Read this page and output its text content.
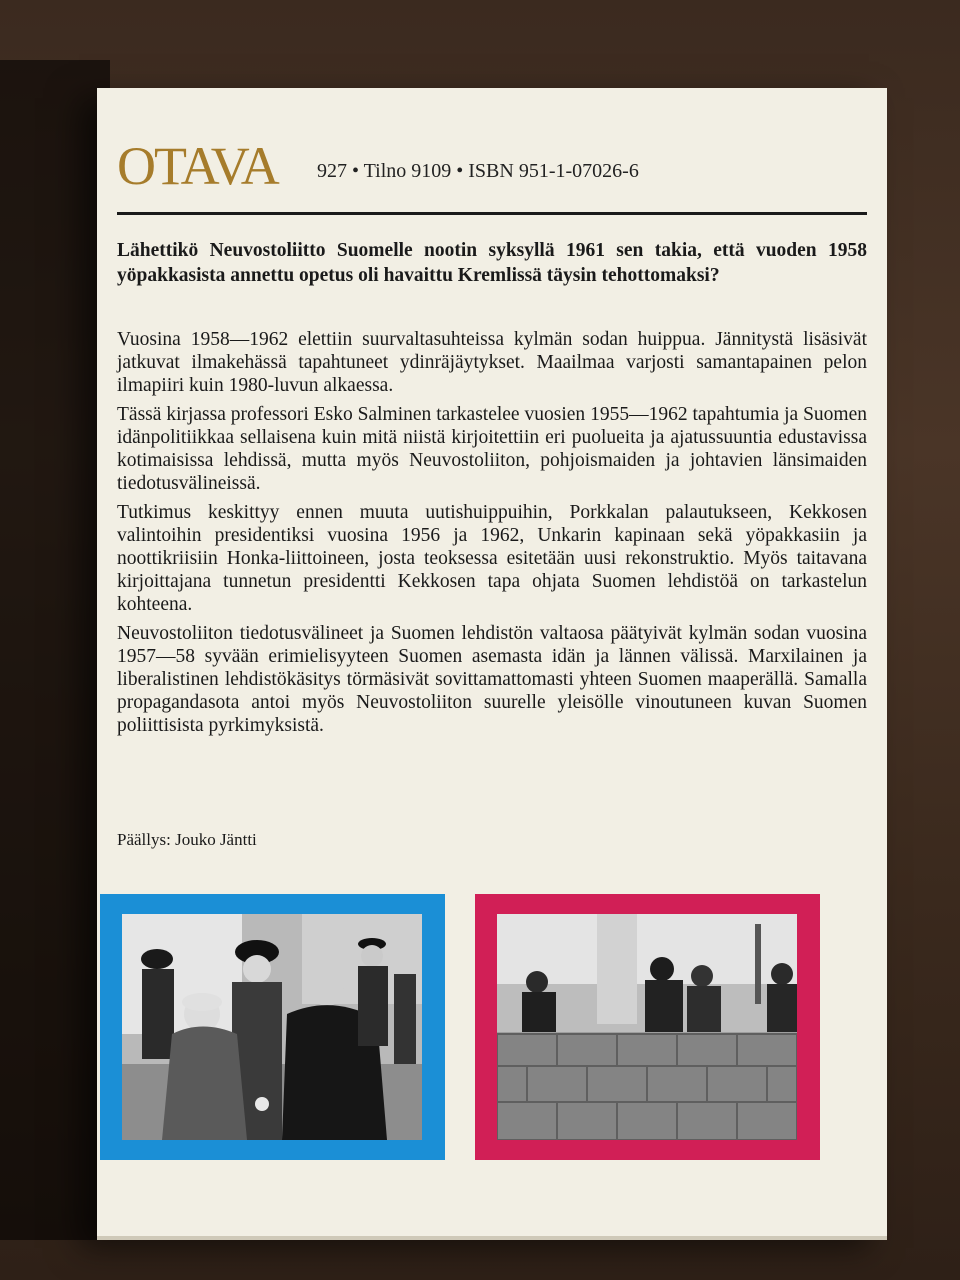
OTAVA 927 • Tilno 9109 • ISBN 951-1-07026-6

Lähettikö Neuvostoliitto Suomelle nootin syksyllä 1961 sen takia, että vuoden 1958 yöpakkasista annettu opetus oli havaittu Kremlissä täysin tehottomaksi?

Vuosina 1958—1962 elettiin suurvaltasuhteissa kylmän sodan huippua. Jännitystä lisäsivät jatkuvat ilmakehässä tapahtuneet ydinräjäytykset. Maailmaa varjosti samantapainen pelon ilmapiiri kuin 1980-luvun alkaessa.

Tässä kirjassa professori Esko Salminen tarkastelee vuosien 1955—1962 tapahtumia ja Suomen idänpolitiikkaa sellaisena kuin mitä niistä kirjoitettiin eri puolueita ja ajatussuuntia edustavissa kotimaisissa lehdissä, mutta myös Neuvostoliiton, pohjoismaiden ja johtavien länsimaiden tiedotusvälineissä.

Tutkimus keskittyy ennen muuta uutishuippuihin, Porkkalan palautukseen, Kekkosen valintoihin presidentiksi vuosina 1956 ja 1962, Unkarin kapinaan sekä yöpakkasiin ja noottikriisiin Honka-liittoineen, josta teoksessa esitetään uusi rekonstruktio. Myös taitavana kirjoittajana tunnetun presidentti Kekkosen tapa ohjata Suomen lehdistöä on tarkastelun kohteena.

Neuvostoliiton tiedotusvälineet ja Suomen lehdistön valtaosa päätyivät kylmän sodan vuosina 1957—58 syvään erimielisyyteen Suomen asemasta idän ja lännen välissä. Marxilainen ja liberalistinen lehdistökäsitys törmäsivät sovittamattomasti yhteen Suomen maaperällä. Samalla propagandasota antoi myös Neuvostoliiton suurelle yleisölle vinoutuneen kuvan Suomen poliittisista pyrkimyksistä.

Päällys: Jouko Jäntti
